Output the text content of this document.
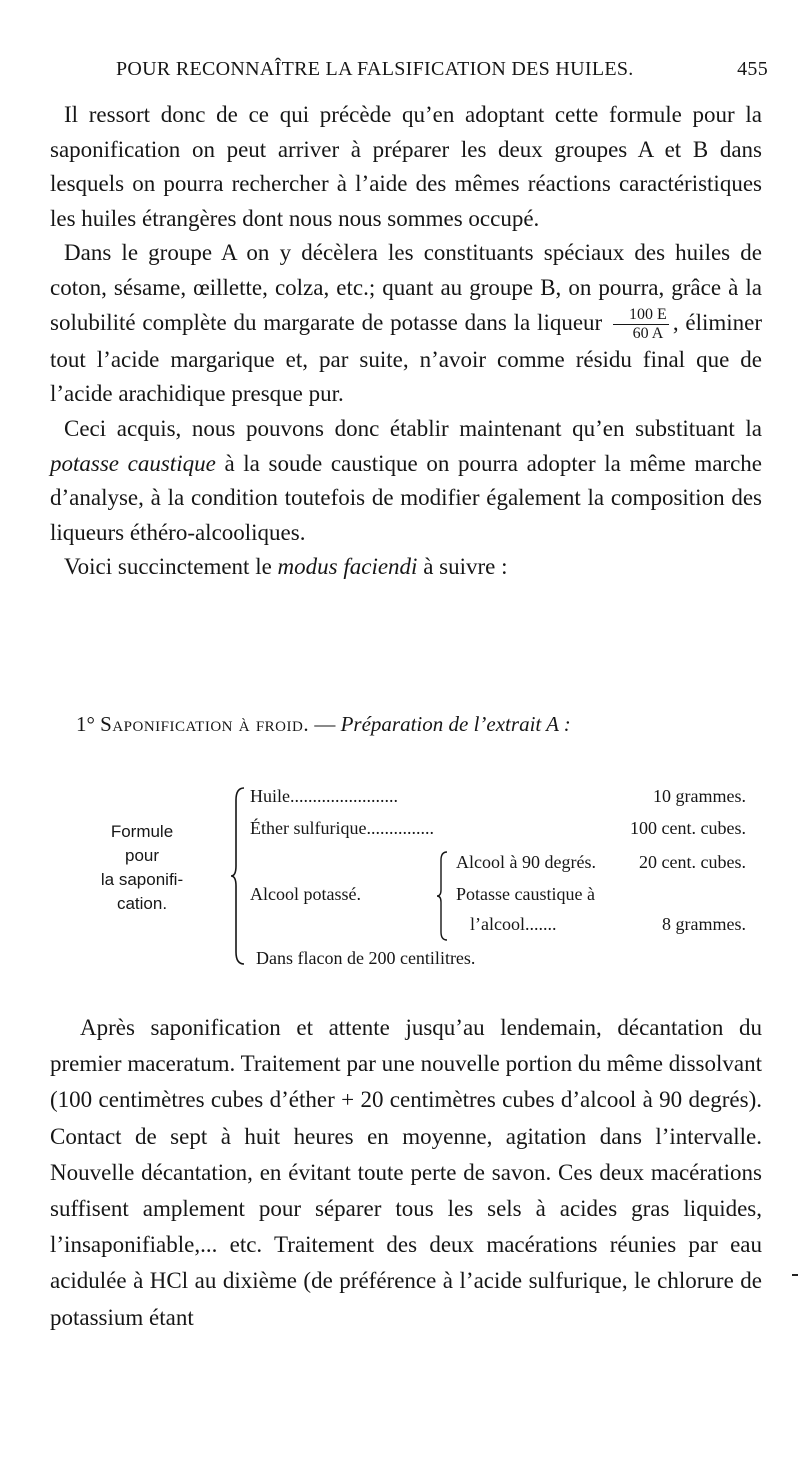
POUR RECONNAÎTRE LA FALSIFICATION DES HUILES.	455

Il ressort donc de ce qui précède qu’en adoptant cette formule pour la saponification on peut arriver à préparer les deux groupes A et B dans lesquels on pourra rechercher à l’aide des mêmes réactions caractéristiques les huiles étrangères dont nous nous sommes occupé.

Dans le groupe A on y décèlera les constituants spéciaux des huiles de coton, sésame, œillette, colza, etc.; quant au groupe B, on pourra, grâce à la solubilité complète du margarate de potasse dans la liqueur $\frac{100 E}{60 A}$ , éliminer tout l’acide margarique et, par suite, n’avoir comme résidu final que de l’acide arachidique presque pur.

Ceci acquis, nous pouvons donc établir maintenant qu’en substituant la potasse caustique à la soude caustique on pourra adopter la même marche d’analyse, à la condition toutefois de modifier également la composition des liqueurs éthéro-alcooliques.

Voici succinctement le modus faciendi à suivre :

1° Saponification à froid. — Préparation de l’extrait A :
Formule
pour
la saponifi-
cation.
Huile........................	10 grammes.
Éther sulfurique...............	100 cent. cubes.
Alcool potassé.
Alcool à 90 degrés. 20 cent. cubes.
Potasse caustique à
l’alcool.......	8 grammes.
Dans flacon de 200 centilitres.

Après saponification et attente jusqu’au lendemain, décantation du premier maceratum. Traitement par une nouvelle portion du même dissolvant (100 centimètres cubes d’éther + 20 centimètres cubes d’alcool à 90 degrés). Contact de sept à huit heures en moyenne, agitation dans l’intervalle. Nouvelle décantation, en évitant toute perte de savon. Ces deux macérations suffisent amplement pour séparer tous les sels à acides gras liquides, l’insaponifiable,... etc. Traitement des deux macérations réunies par eau acidulée à HCl au dixième (de préférence à l’acide sulfurique, le chlorure de potassium étant
